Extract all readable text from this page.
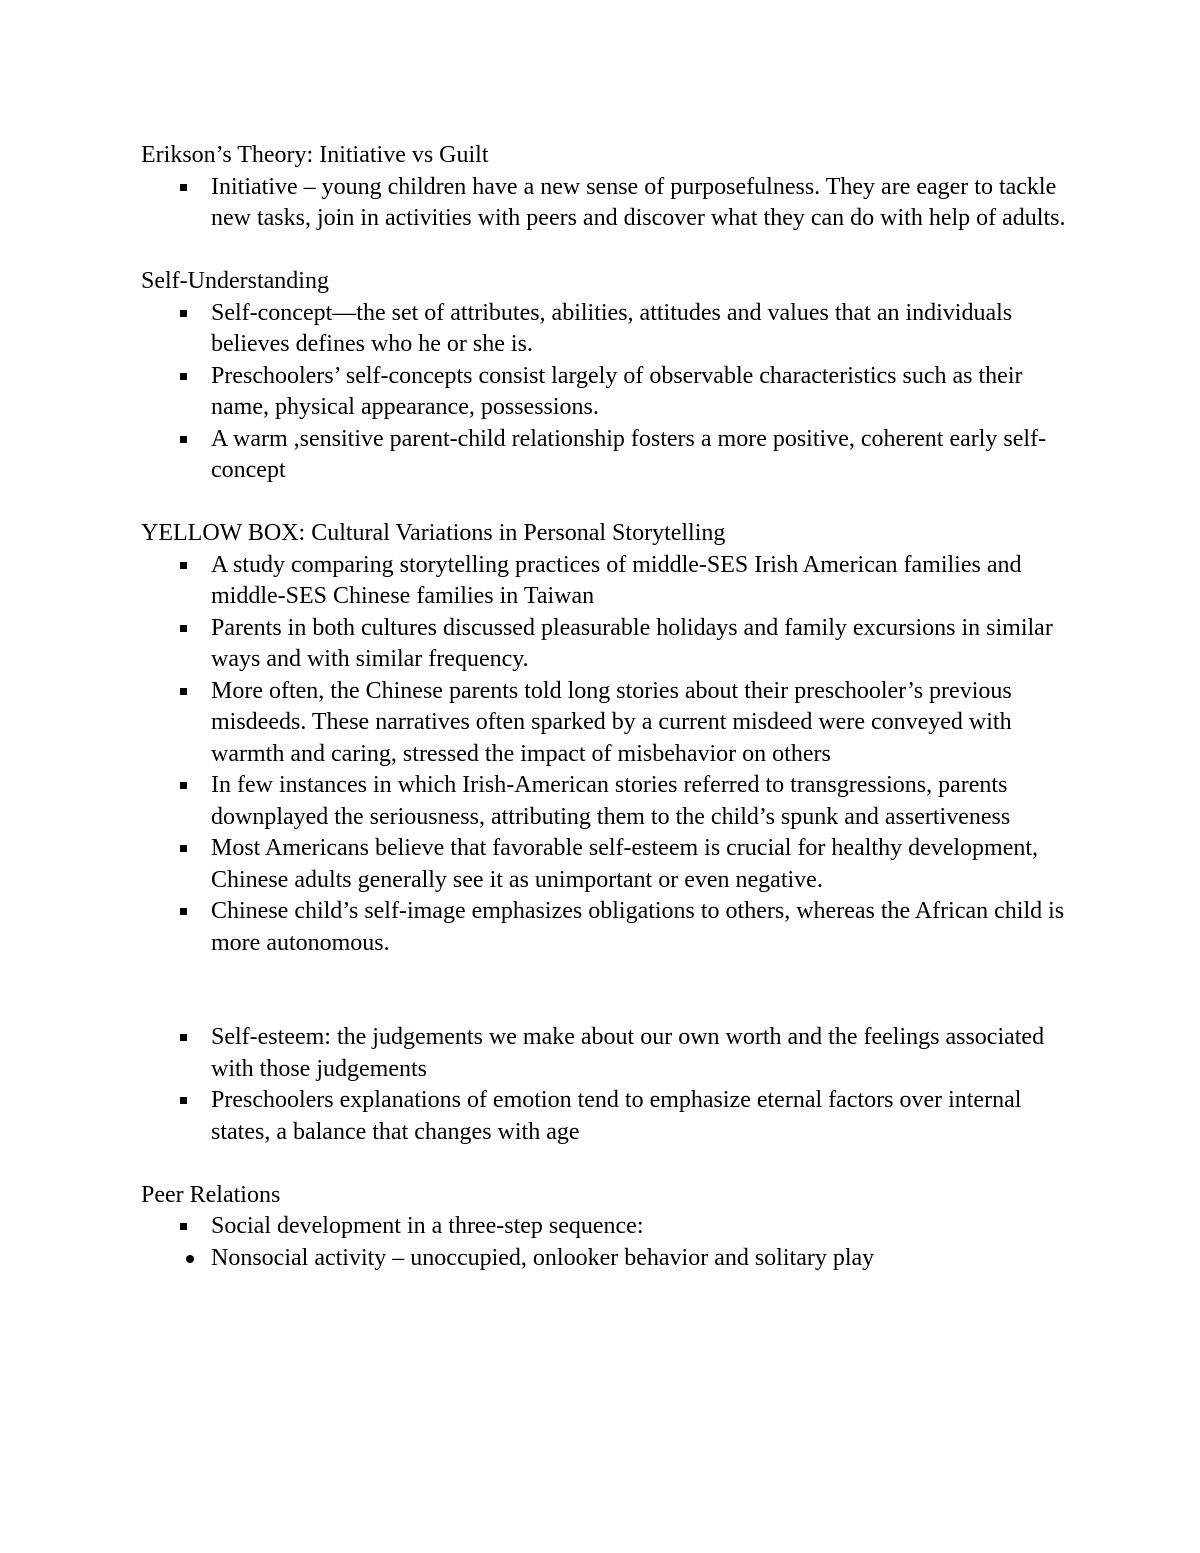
Erikson’s Theory: Initiative vs Guilt
Initiative – young children have a new sense of purposefulness. They are eager to tackle new tasks, join in activities with peers and discover what they can do with help of adults.
Self-Understanding
Self-concept—the set of attributes, abilities, attitudes and values that an individuals believes defines who he or she is.
Preschoolers’ self-concepts consist largely of observable characteristics such as their name, physical appearance, possessions.
A warm ,sensitive parent-child relationship fosters a more positive, coherent early self-concept
YELLOW BOX: Cultural Variations in Personal Storytelling
A study comparing storytelling practices of middle-SES Irish American families and middle-SES Chinese families in Taiwan
Parents in both cultures discussed pleasurable holidays and family excursions in similar ways and with similar frequency.
More often, the Chinese parents told long stories about their preschooler’s previous misdeeds. These narratives often sparked by a current misdeed were conveyed with warmth and caring, stressed the impact of misbehavior on others
In few instances in which Irish-American stories referred to transgressions, parents downplayed the seriousness, attributing them to the child’s spunk and assertiveness
Most Americans believe that favorable self-esteem is crucial for healthy development, Chinese adults generally see it as unimportant or even negative.
Chinese child’s self-image emphasizes obligations to others, whereas the African child is more autonomous.
Self-esteem: the judgements we make about our own worth and the feelings associated with those judgements
Preschoolers explanations of emotion tend to emphasize eternal factors over internal states, a balance that changes with age
Peer Relations
Social development in a three-step sequence:
Nonsocial activity – unoccupied, onlooker behavior and solitary play
